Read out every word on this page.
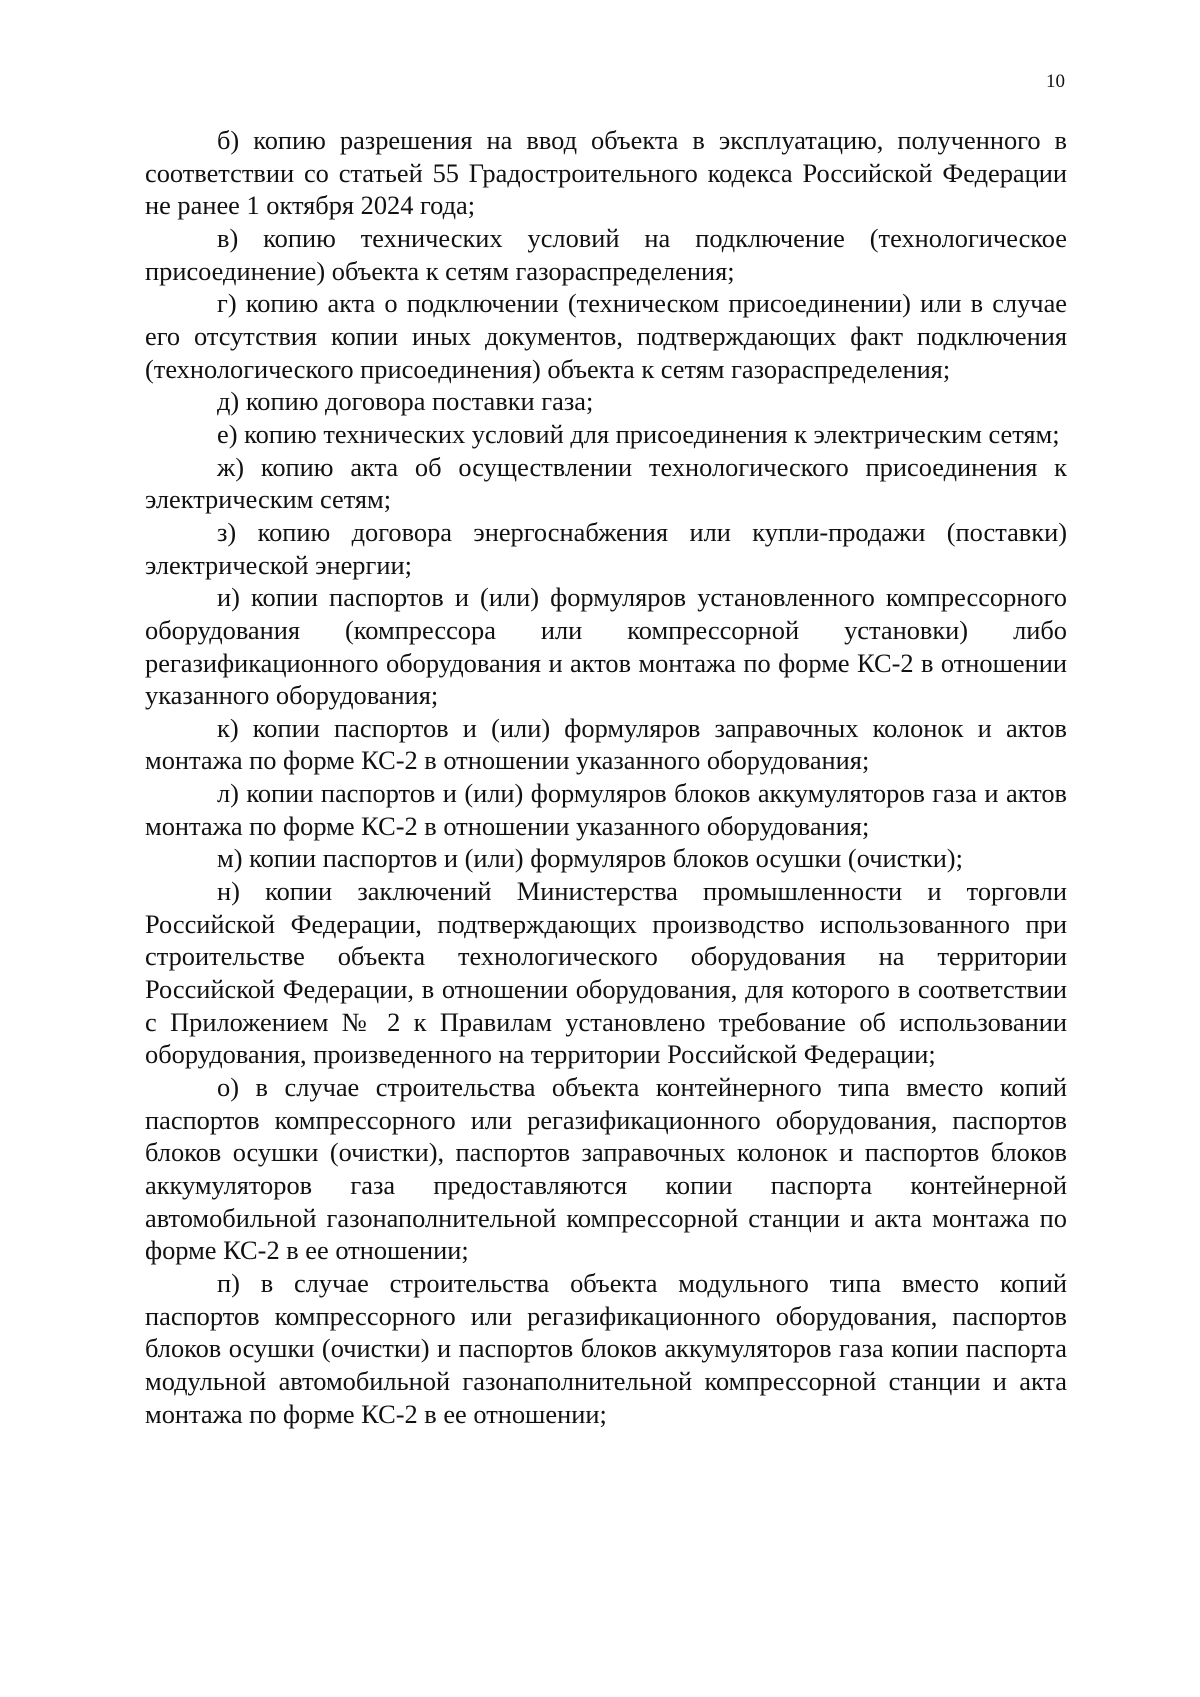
10

б) копию разрешения на ввод объекта в эксплуатацию, полученного в соответствии со статьей 55 Градостроительного кодекса Российской Федерации не ранее 1 октября 2024 года;

в) копию технических условий на подключение (технологическое присоединение) объекта к сетям газораспределения;

г) копию акта о подключении (техническом присоединении) или в случае его отсутствия копии иных документов, подтверждающих факт подключения (технологического присоединения) объекта к сетям газораспределения;

д) копию договора поставки газа;

е) копию технических условий для присоединения к электрическим сетям;

ж) копию акта об осуществлении технологического присоединения к электрическим сетям;

з) копию договора энергоснабжения или купли-продажи (поставки) электрической энергии;

и) копии паспортов и (или) формуляров установленного компрессорного оборудования (компрессора или компрессорной установки) либо регазификационного оборудования и актов монтажа по форме КС-2 в отношении указанного оборудования;

к) копии паспортов и (или) формуляров заправочных колонок и актов монтажа по форме КС-2 в отношении указанного оборудования;

л) копии паспортов и (или) формуляров блоков аккумуляторов газа и актов монтажа по форме КС-2 в отношении указанного оборудования;

м) копии паспортов и (или) формуляров блоков осушки (очистки);

н) копии заключений Министерства промышленности и торговли Российской Федерации, подтверждающих производство использованного при строительстве объекта технологического оборудования на территории Российской Федерации, в отношении оборудования, для которого в соответствии с Приложением № 2 к Правилам установлено требование об использовании оборудования, произведенного на территории Российской Федерации;

о) в случае строительства объекта контейнерного типа вместо копий паспортов компрессорного или регазификационного оборудования, паспортов блоков осушки (очистки), паспортов заправочных колонок и паспортов блоков аккумуляторов газа предоставляются копии паспорта контейнерной автомобильной газонаполнительной компрессорной станции и акта монтажа по форме КС-2 в ее отношении;

п) в случае строительства объекта модульного типа вместо копий паспортов компрессорного или регазификационного оборудования, паспортов блоков осушки (очистки) и паспортов блоков аккумуляторов газа копии паспорта модульной автомобильной газонаполнительной компрессорной станции и акта монтажа по форме КС-2 в ее отношении;
